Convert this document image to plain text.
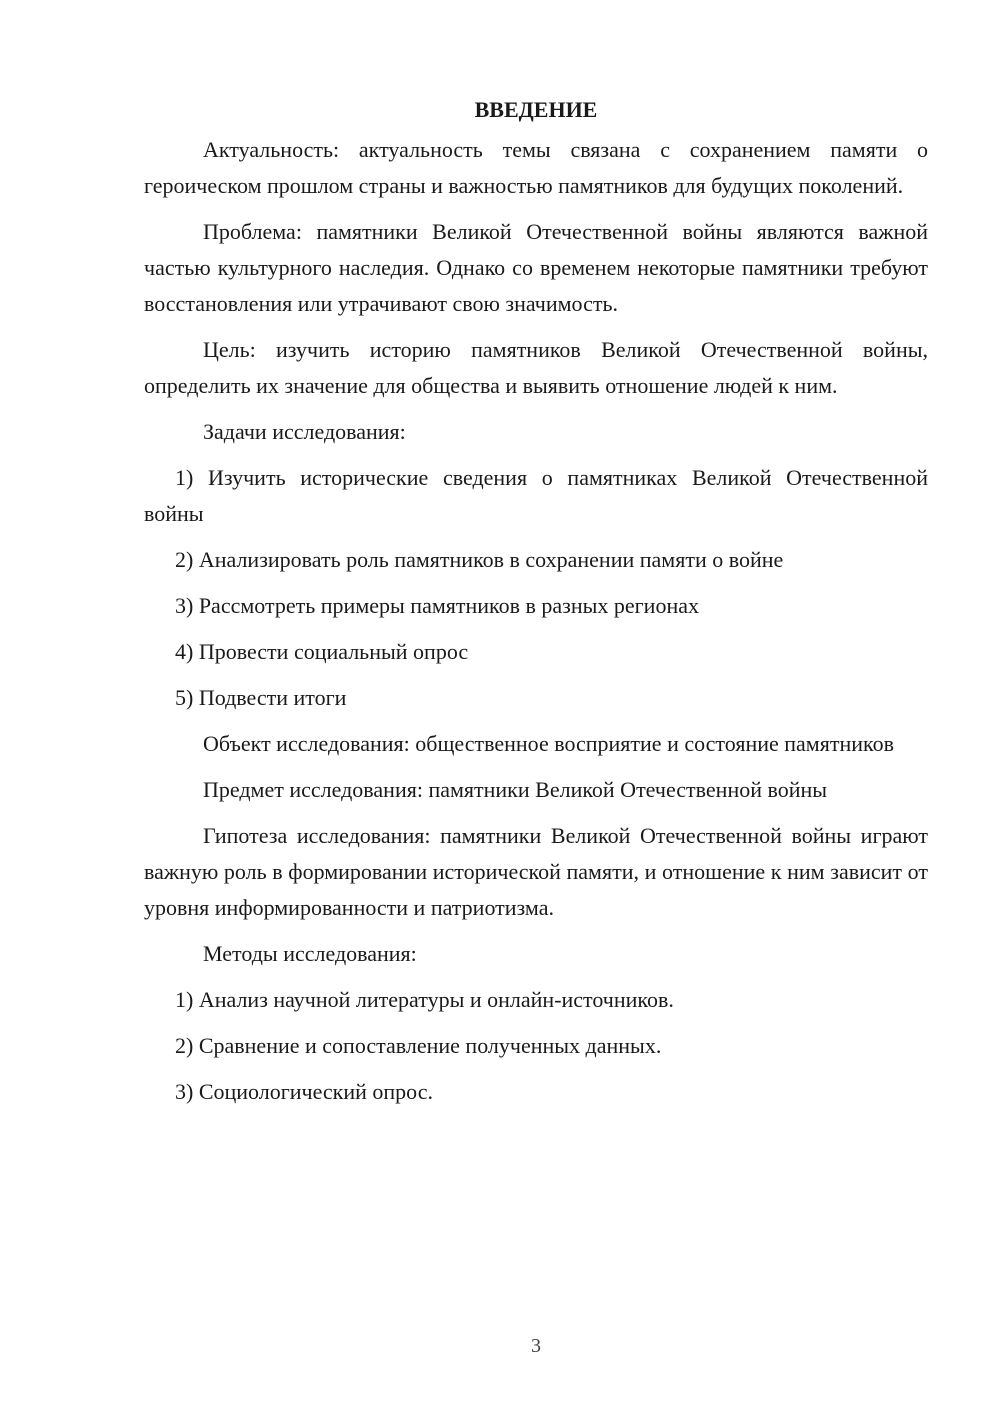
ВВЕДЕНИЕ

Актуальность: актуальность темы связана с сохранением памяти о героическом прошлом страны и важностью памятников для будущих поколений.

Проблема: памятники Великой Отечественной войны являются важной частью культурного наследия. Однако со временем некоторые памятники требуют восстановления или утрачивают свою значимость.

Цель: изучить историю памятников Великой Отечественной войны, определить их значение для общества и выявить отношение людей к ним.

Задачи исследования:

1) Изучить исторические сведения о памятниках Великой Отечественной войны

2) Анализировать роль памятников в сохранении памяти о войне

3) Рассмотреть примеры памятников в разных регионах

4) Провести социальный опрос

5) Подвести итоги

Объект исследования: общественное восприятие и состояние памятников

Предмет исследования: памятники Великой Отечественной войны

Гипотеза исследования: памятники Великой Отечественной войны играют важную роль в формировании исторической памяти, и отношение к ним зависит от уровня информированности и патриотизма.

Методы исследования:

1) Анализ научной литературы и онлайн-источников.

2) Сравнение и сопоставление полученных данных.

3) Социологический опрос.

3
